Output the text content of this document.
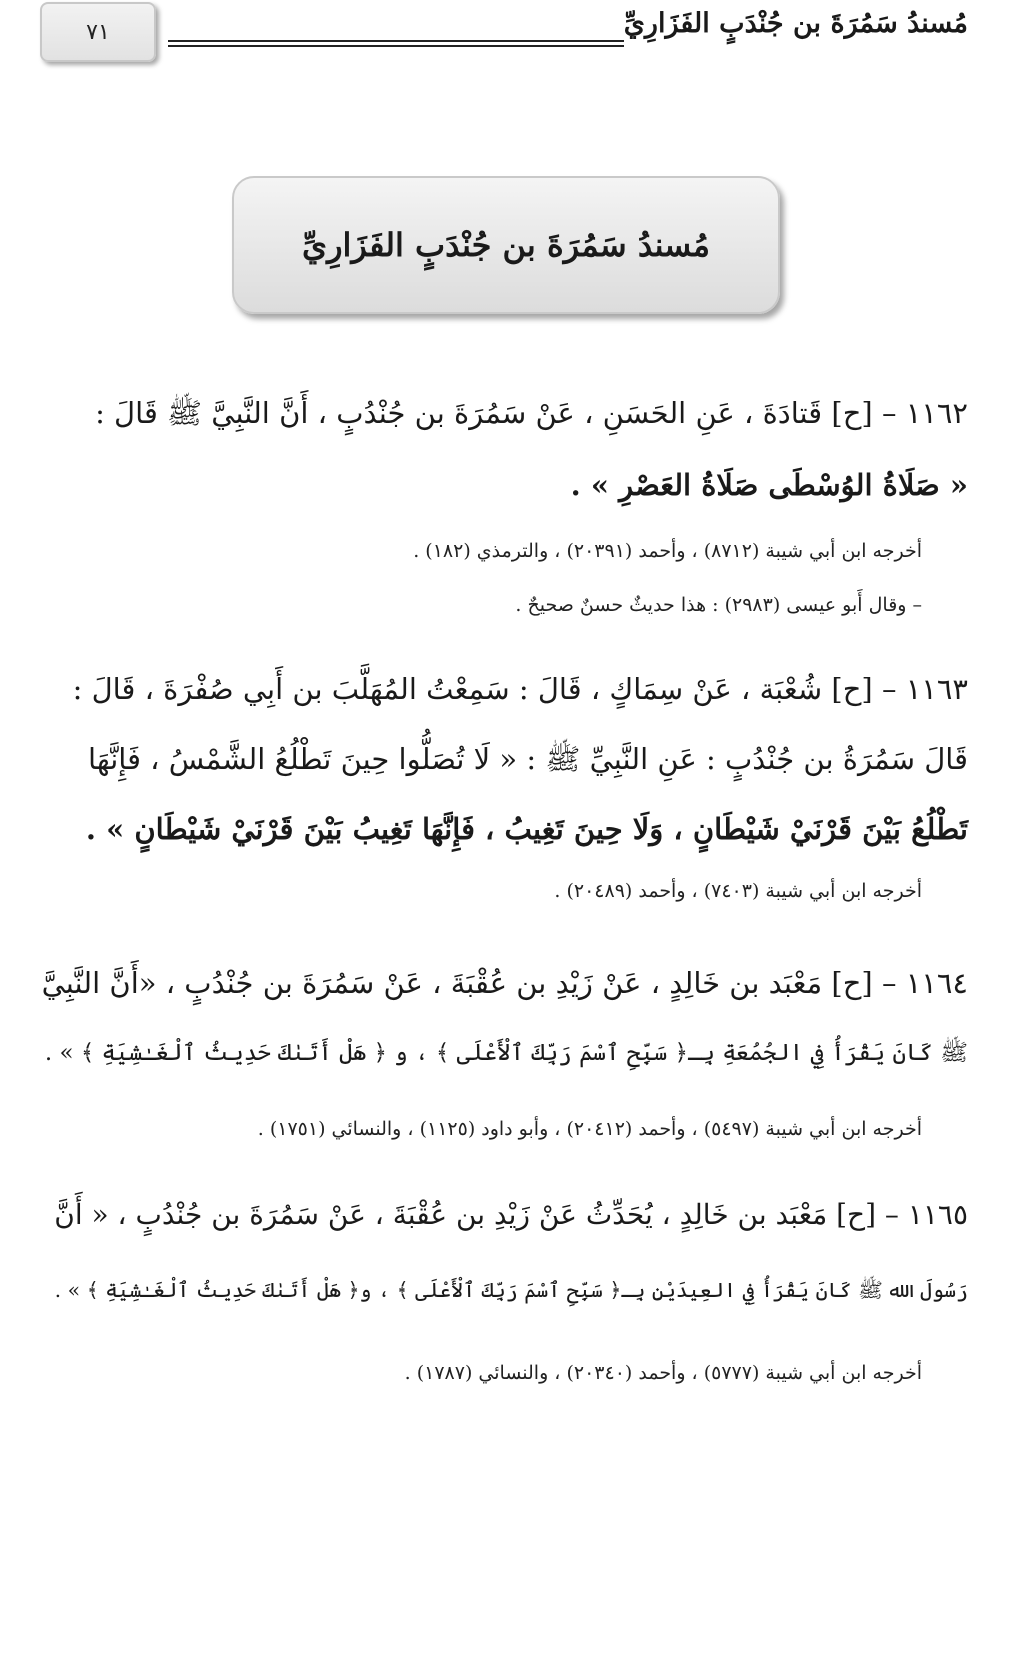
٧١	مُسندُ سَمُرَةَ بن جُنْدَبٍ الفَزَارِيِّ
مُسندُ سَمُرَةَ بن جُنْدَبٍ الفَزَارِيِّ
١١٦٢ – [ح] قَتادَةَ ، عَنِ الحَسَنِ ، عَنْ سَمُرَةَ بن جُنْدُبٍ ، أَنَّ النَّبِيَّ ﷺ قَالَ :
« صَلَاةُ الوُسْطَى صَلَاةُ العَصْرِ » .
أخرجه ابن أبي شيبة (٨٧١٢) ، وأحمد (٢٠٣٩١) ، والترمذي (١٨٢) .
– وقال أَبو عيسى (٢٩٨٣) : هذا حديثٌ حسنٌ صحيحٌ .
١١٦٣ – [ح] شُعْبَة ، عَنْ سِمَاكٍ ، قَالَ : سَمِعْتُ المُهَلَّبَ بن أَبِي صُفْرَةَ ، قَالَ :
قَالَ سَمُرَةُ بن جُنْدُبٍ : عَنِ النَّبِيِّ ﷺ : « لَا تُصَلُّوا حِينَ تَطْلُعُ الشَّمْسُ ، فَإِنَّهَا
تَطْلُعُ بَيْنَ قَرْنَيْ شَيْطَانٍ ، وَلَا حِينَ تَغِيبُ ، فَإِنَّهَا تَغِيبُ بَيْنَ قَرْنَيْ شَيْطَانٍ » .
أخرجه ابن أبي شيبة (٧٤٠٣) ، وأحمد (٢٠٤٨٩) .
١١٦٤ – [ح] مَعْبَد بن خَالِدٍ ، عَنْ زَيْدِ بن عُقْبَةَ ، عَنْ سَمُرَةَ بن جُنْدُبٍ ، «أَنَّ النَّبِيَّ
ﷺ كَانَ يَقْرَأُ فِي الجُمُعَةِ بِـ﴿ سَبِّحِ ٱسْمَ رَبِّكَ ٱلْأَعْلَى ﴾ ، و ﴿ هَلْ أَتَىٰكَ حَدِيثُ ٱلْغَـٰشِيَةِ ﴾ » .
أخرجه ابن أبي شيبة (٥٤٩٧) ، وأحمد (٢٠٤١٢) ، وأبو داود (١١٢٥) ، والنسائي (١٧٥١) .
١١٦٥ – [ح] مَعْبَد بن خَالِدٍ ، يُحَدِّثُ عَنْ زَيْدِ بن عُقْبَةَ ، عَنْ سَمُرَةَ بن جُنْدُبٍ ، « أَنَّ
رَسُولَ الله ﷺ كَانَ يَقْرَأُ فِي العِيدَيْنِ بِـ﴿ سَبِّحِ ٱسْمَ رَبِّكَ ٱلْأَعْلَى ﴾ ، و﴿ هَلْ أَتَىٰكَ حَدِيثُ ٱلْغَـٰشِيَةِ ﴾ » .
أخرجه ابن أبي شيبة (٥٧٧٧) ، وأحمد (٢٠٣٤٠) ، والنسائي (١٧٨٧) .
